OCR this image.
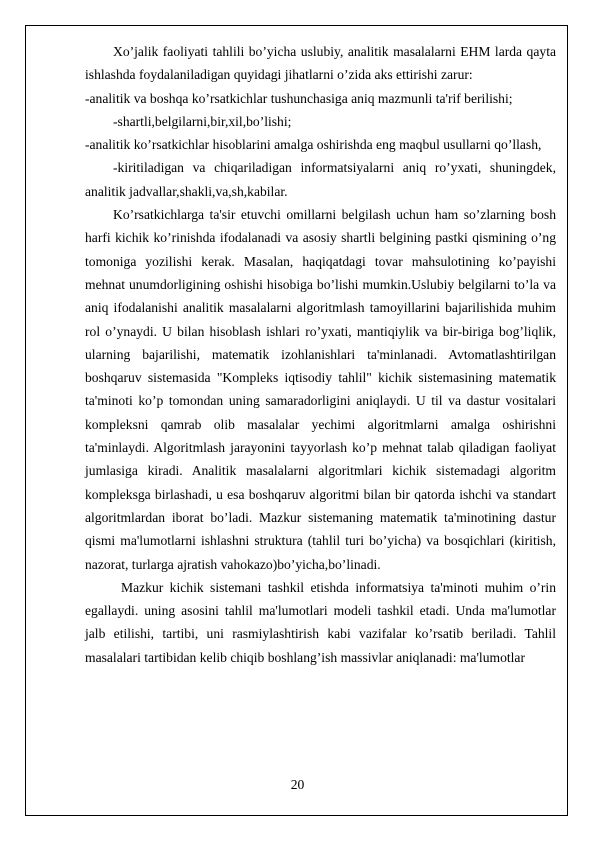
Xo’jalik faoliyati tahlili bo’yicha uslubiy, analitik masalalarni EHM larda qayta ishlashda foydalaniladigan quyidagi jihatlarni o’zida aks ettirishi zarur:

-analitik va boshqa ko’rsatkichlar tushunchasiga aniq mazmunli ta'rif berilishi;

-shartli,belgilarni,bir,xil,bo’lishi;

-analitik ko’rsatkichlar hisoblarini amalga oshirishda eng maqbul usullarni qo’llash,

-kiritiladigan va chiqariladigan informatsiyalarni aniq ro’yxati, shuningdek, analitik jadvallar,shakli,va,sh,kabilar.

Ko’rsatkichlarga ta'sir etuvchi omillarni belgilash uchun ham so’zlarning bosh harfi kichik ko’rinishda ifodalanadi va asosiy shartli belgining pastki qismining o’ng tomoniga yozilishi kerak. Masalan, haqiqatdagi tovar mahsulotining ko’payishi mehnat unumdorligining oshishi hisobiga bo’lishi mumkin.Uslubiy belgilarni to’la va aniq ifodalanishi analitik masalalarni algoritmlash tamoyillarini bajarilishida muhim rol o’ynaydi. U bilan hisoblash ishlari ro’yxati, mantiqiylik va bir-biriga bog’liqlik, ularning bajarilishi, matematik izohlanishlari ta'minlanadi. Avtomatlashtirilgan boshqaruv sistemasida "Kompleks iqtisodiy tahlil" kichik sistemasining matematik ta'minoti ko’p tomondan uning samaradorligini aniqlaydi. U til va dastur vositalari kompleksni qamrab olib masalalar yechimi algoritmlarni amalga oshirishni ta'minlaydi. Algoritmlash jarayonini tayyorlash ko’p mehnat talab qiladigan faoliyat jumlasiga kiradi. Analitik masalalarni algoritmlari kichik sistemadagi algoritm kompleksga birlashadi, u esa boshqaruv algoritmi bilan bir qatorda ishchi va standart algoritmlardan iborat bo’ladi. Mazkur sistemaning matematik ta'minotining dastur qismi ma'lumotlarni ishlashni struktura (tahlil turi bo’yicha) va bosqichlari (kiritish, nazorat, turlarga ajratish vahokazo)bo’yicha,bo’linadi.

Mazkur kichik sistemani tashkil etishda informatsiya ta'minoti muhim o’rin egallaydi. uning asosini tahlil ma'lumotlari modeli tashkil etadi. Unda ma'lumotlar jalb etilishi, tartibi, uni rasmiylashtirish kabi vazifalar ko’rsatib beriladi. Tahlil masalalari tartibidan kelib chiqib boshlang’ish massivlar aniqlanadi: ma'lumotlar

20
